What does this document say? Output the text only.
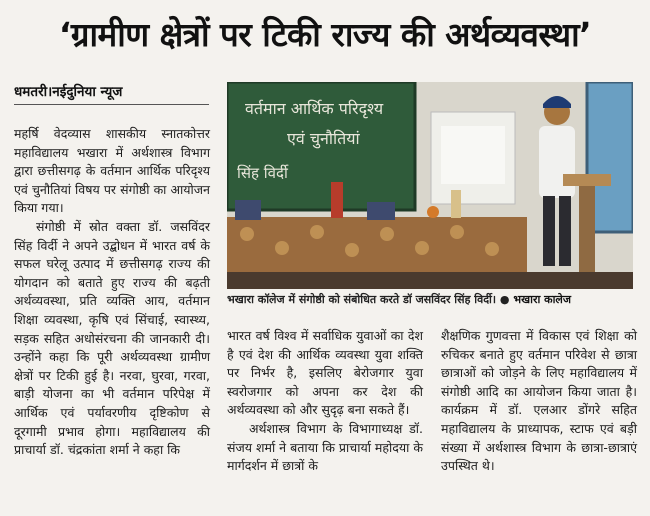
‘ग्रामीण क्षेत्रों पर टिकी राज्य की अर्थव्यवस्था’
धमतरी।नईदुनिया न्यूज

महर्षि वेदव्यास शासकीय स्नातकोत्तर महाविद्यालय भखारा में अर्थशास्त्र विभाग द्वारा छत्तीसगढ़ के वर्तमान आर्थिक परिदृश्य एवं चुनौतियां विषय पर संगोष्ठी का आयोजन किया गया।

संगोष्ठी में स्रोत वक्ता डॉ. जसविंदर सिंह विर्दी ने अपने उद्बोधन में भारत वर्ष के सफल घरेलू उत्पाद में छत्तीसगढ़ राज्य की योगदान को बताते हुए राज्य की बढ़ती अर्थव्यवस्था, प्रति व्यक्ति आय, वर्तमान शिक्षा व्यवस्था, कृषि एवं सिंचाई, स्वास्थ्य, सड़क सहित अधोसंरचना की जानकारी दी। उन्होंने कहा कि पूरी अर्थव्यवस्था ग्रामीण क्षेत्रों पर टिकी हुई है। नरवा, घुरवा, गरवा, बाड़ी योजना का भी वर्तमान परिपेक्ष में आर्थिक एवं पर्यावरणीय दृष्टिकोण से दूरगामी प्रभाव होगा। महाविद्यालय की प्राचार्या डॉ. चंद्रकांता शर्मा ने कहा कि

वर्तमान आर्थिक परिदृश्य
एवं चुनौतियां
सिंह विर्दी
भखारा कॉलेज में संगोष्ठी को संबोधित करते डॉ जसविंदर सिंह विर्दी। ● भखारा कालेज

भारत वर्ष विश्व में सर्वाधिक युवाओं का देश है एवं देश की आर्थिक व्यवस्था युवा शक्ति पर निर्भर है, इसलिए बेरोजगार युवा स्वरोजगार को अपना कर देश की अर्थव्यवस्था को और सुदृढ़ बना सकते हैं।

अर्थशास्त्र विभाग के विभागाध्यक्ष डॉ. संजय शर्मा ने बताया कि प्राचार्या महोदया के मार्गदर्शन में छात्रों के

शैक्षणिक गुणवत्ता में विकास एवं शिक्षा को रुचिकर बनाते हुए वर्तमान परिवेश से छात्रा छात्राओं को जोड़ने के लिए महाविद्यालय में संगोष्ठी आदि का आयोजन किया जाता है। कार्यक्रम में डॉ. एलआर डोंगरे सहित महाविद्यालय के प्राध्यापक, स्टाफ एवं बड़ी संख्या में अर्थशास्त्र विभाग के छात्रा-छात्राएं उपस्थित थे।
